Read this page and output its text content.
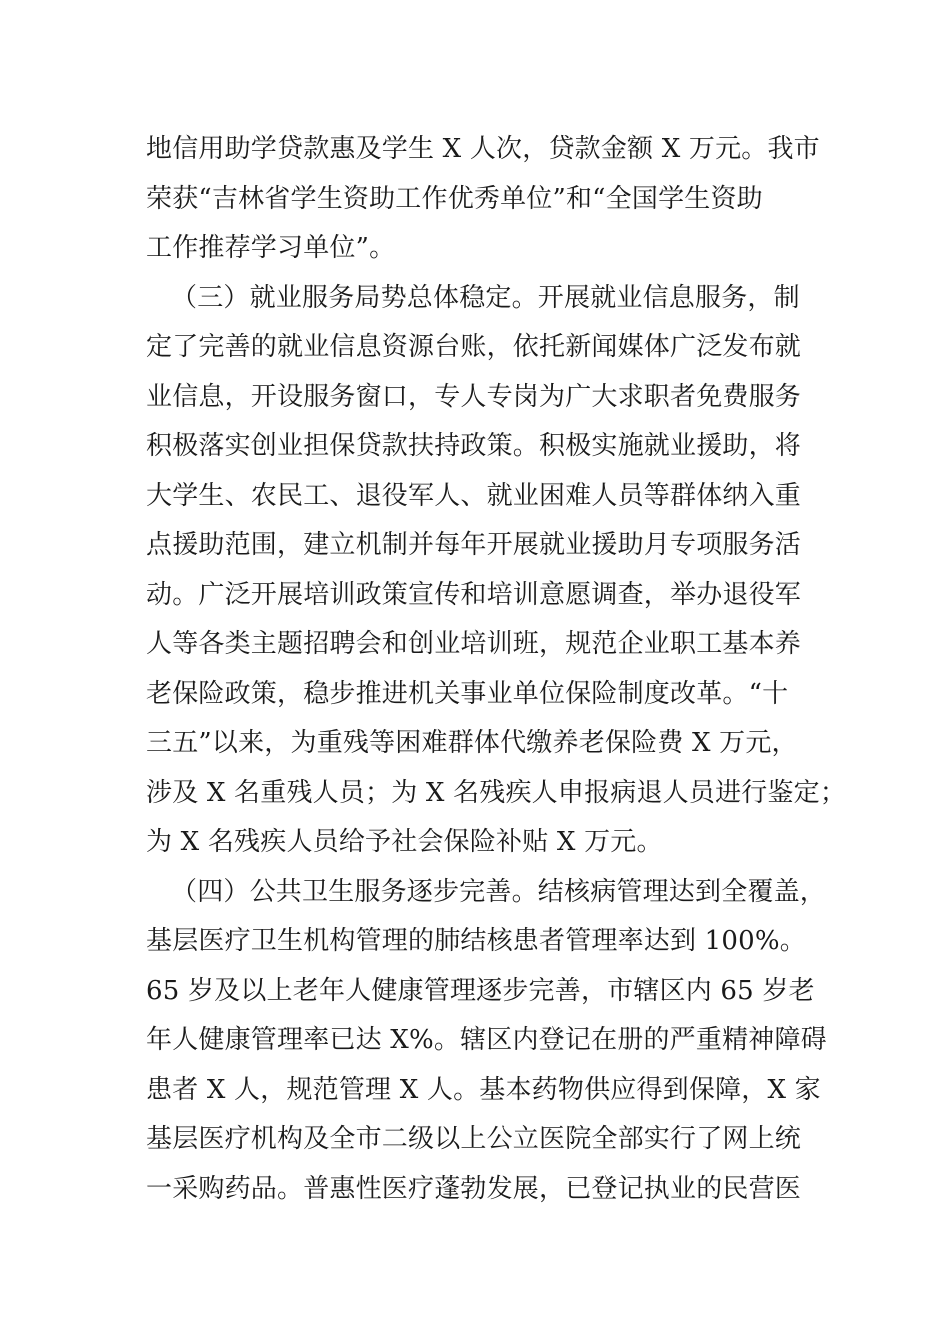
地信用助学贷款惠及学生 X 人次，贷款金额 X 万元。我市
荣获“吉林省学生资助工作优秀单位”和“全国学生资助
工作推荐学习单位”。
（三）就业服务局势总体稳定。开展就业信息服务，制
定了完善的就业信息资源台账，依托新闻媒体广泛发布就
业信息，开设服务窗口，专人专岗为广大求职者免费服务
积极落实创业担保贷款扶持政策。积极实施就业援助，将
大学生、农民工、退役军人、就业困难人员等群体纳入重
点援助范围，建立机制并每年开展就业援助月专项服务活
动。广泛开展培训政策宣传和培训意愿调查，举办退役军
人等各类主题招聘会和创业培训班，规范企业职工基本养
老保险政策，稳步推进机关事业单位保险制度改革。“十
三五”以来，为重残等困难群体代缴养老保险费 X 万元，
涉及 X 名重残人员；为 X 名残疾人申报病退人员进行鉴定；
为 X 名残疾人员给予社会保险补贴 X 万元。
（四）公共卫生服务逐步完善。结核病管理达到全覆盖，
基层医疗卫生机构管理的肺结核患者管理率达到 100%。
65 岁及以上老年人健康管理逐步完善，市辖区内 65 岁老
年人健康管理率已达 X%。辖区内登记在册的严重精神障碍
患者 X 人，规范管理 X 人。基本药物供应得到保障，X 家
基层医疗机构及全市二级以上公立医院全部实行了网上统
一采购药品。普惠性医疗蓬勃发展，已登记执业的民营医
